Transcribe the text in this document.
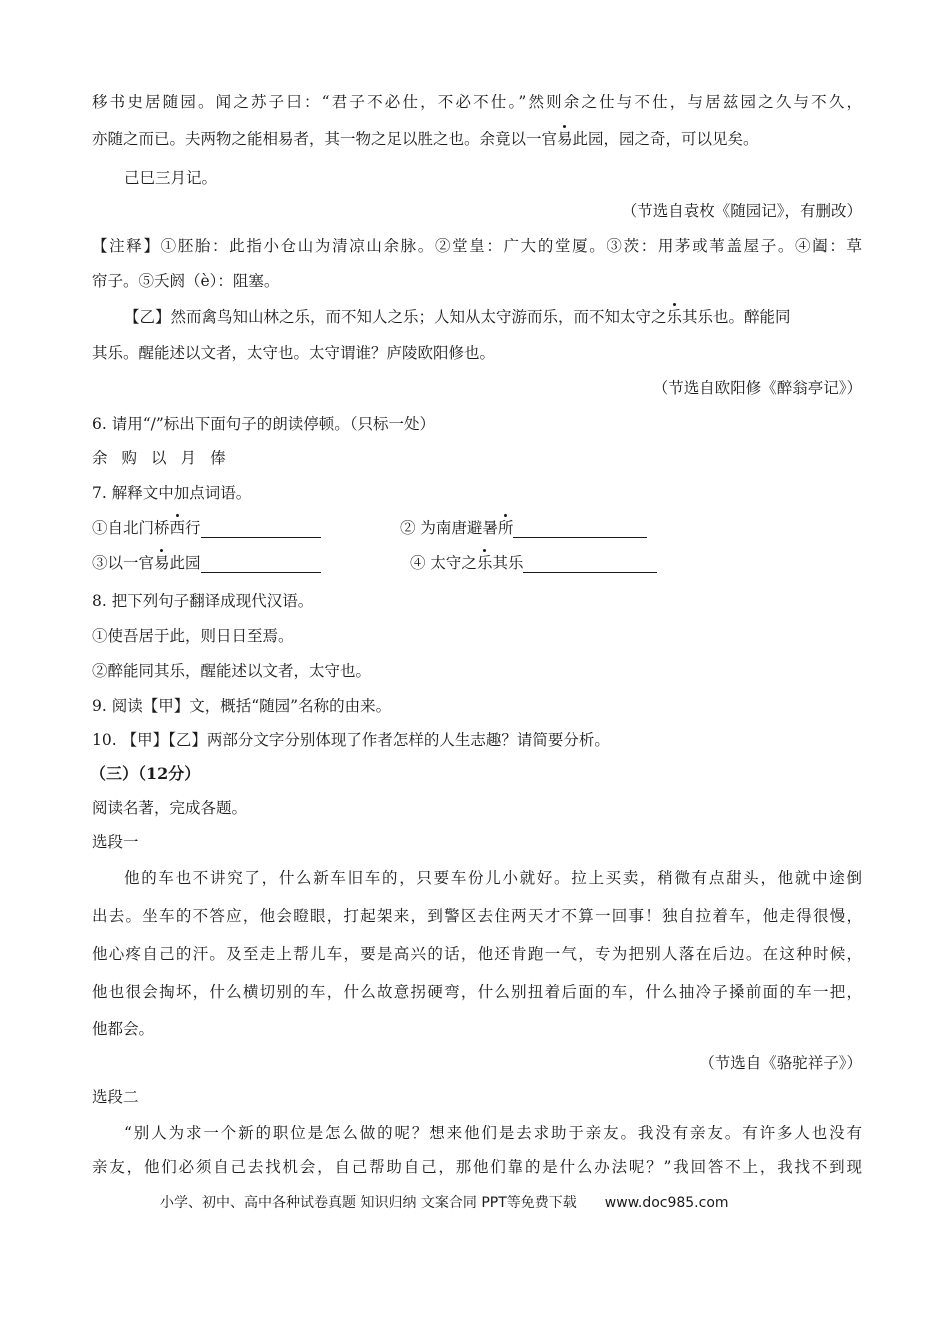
移书史居随园。闻之苏子曰：“君子不必仕，不必不仕。”然则余之仕与不仕，与居兹园之久与不久，
亦随之而已。夫两物之能相易者，其一物之足以胜之也。余竟以一官易此园，园之奇，可以见矣。
己巳三月记。
（节选自袁枚《随园记》，有删改）
【注释】①胚胎：此指小仓山为清凉山余脉。②堂皇：广大的堂厦。③茨：用茅或苇盖屋子。④阖：草
帘子。⑤夭阏（è）：阻塞。
【乙】然而禽鸟知山林之乐，而不知人之乐；人知从太守游而乐，而不知太守之乐其乐也。醉能同
其乐。醒能述以文者，太守也。太守谓谁？庐陵欧阳修也。
（节选自欧阳修《醉翁亭记》）
6. 请用“/”标出下面句子的朗读停顿。（只标一处）
余 购 以 月 俸
7. 解释文中加点词语。
①自北门桥西行	② 为南唐避暑所
③以一官易此园	④ 太守之乐其乐
8. 把下列句子翻译成现代汉语。
①使吾居于此，则日日至焉。
②醉能同其乐，醒能述以文者，太守也。
9. 阅读【甲】文，概括“随园”名称的由来。
10. 【甲】【乙】两部分文字分别体现了作者怎样的人生志趣？请简要分析。
（三）（12分）
阅读名著，完成各题。
选段一
他的车也不讲究了，什么新车旧车的，只要车份儿小就好。拉上买卖，稍微有点甜头，他就中途倒
出去。坐车的不答应，他会瞪眼，打起架来，到警区去住两天才不算一回事！独自拉着车，他走得很慢，
他心疼自己的汗。及至走上帮儿车，要是高兴的话，他还肯跑一气，专为把别人落在后边。在这种时候，
他也很会掏坏，什么横切别的车，什么故意拐硬弯，什么别扭着后面的车，什么抽冷子搡前面的车一把，
他都会。
（节选自《骆驼祥子》）
选段二
“别人为求一个新的职位是怎么做的呢？想来他们是去求助于亲友。我没有亲友。有许多人也没有
亲友，他们必须自己去找机会，自己帮助自己，那他们靠的是什么办法呢？”我回答不上，我找不到现
小学、初中、高中各种试卷真题 知识归纳 文案合同 PPT等免费下载 www.doc985.com
